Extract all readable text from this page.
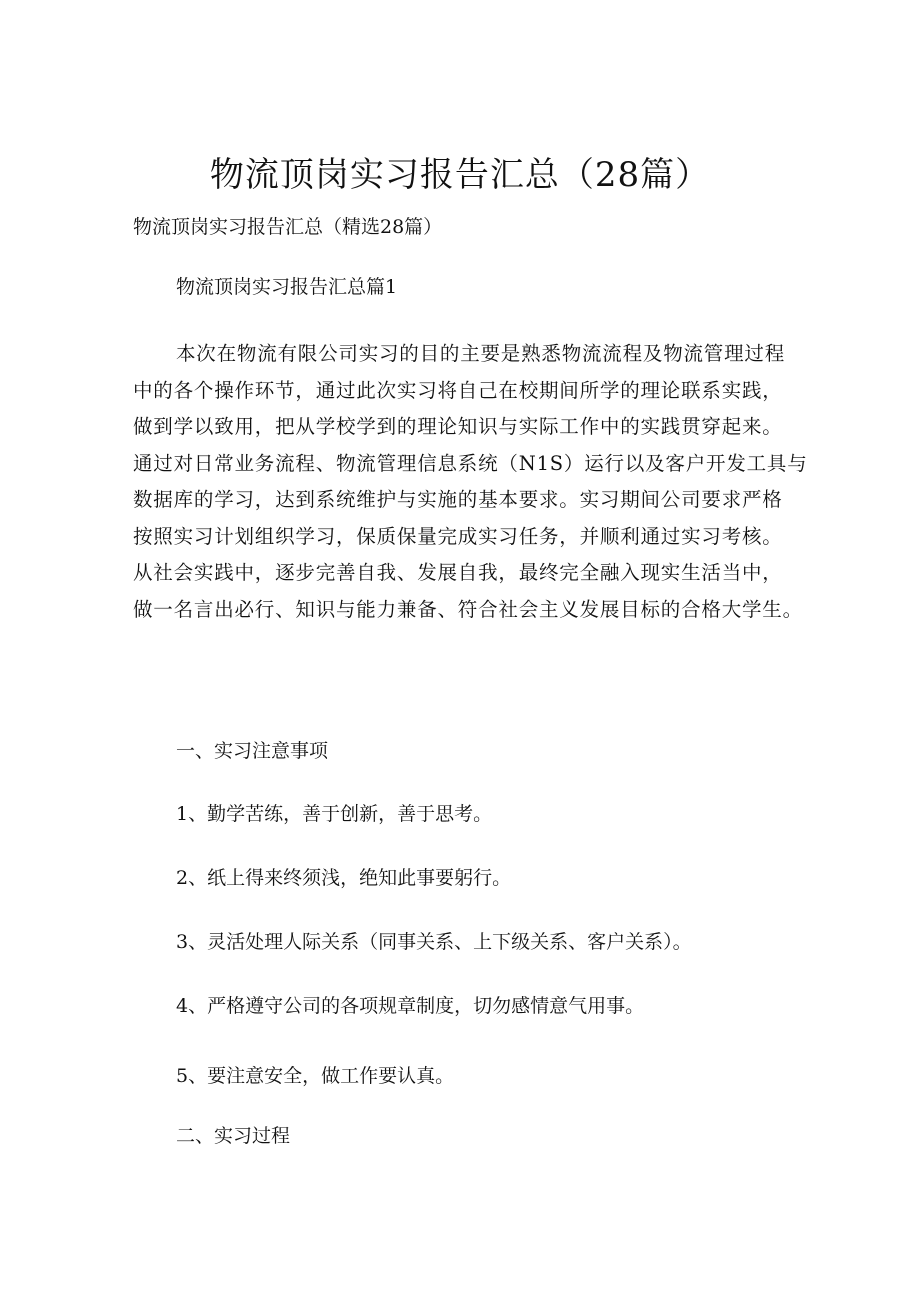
物流顶岗实习报告汇总（28篇）
物流顶岗实习报告汇总（精选28篇）
物流顶岗实习报告汇总篇1
本次在物流有限公司实习的目的主要是熟悉物流流程及物流管理过程
中的各个操作环节，通过此次实习将自己在校期间所学的理论联系实践，
做到学以致用，把从学校学到的理论知识与实际工作中的实践贯穿起来。
通过对日常业务流程、物流管理信息系统（N1S）运行以及客户开发工具与
数据库的学习，达到系统维护与实施的基本要求。实习期间公司要求严格
按照实习计划组织学习，保质保量完成实习任务，并顺利通过实习考核。
从社会实践中，逐步完善自我、发展自我，最终完全融入现实生活当中，
做一名言出必行、知识与能力兼备、符合社会主义发展目标的合格大学生。
一、实习注意事项
1、勤学苦练，善于创新，善于思考。
2、纸上得来终须浅，绝知此事要躬行。
3、灵活处理人际关系（同事关系、上下级关系、客户关系）。
4、严格遵守公司的各项规章制度，切勿感情意气用事。
5、要注意安全，做工作要认真。
二、实习过程
